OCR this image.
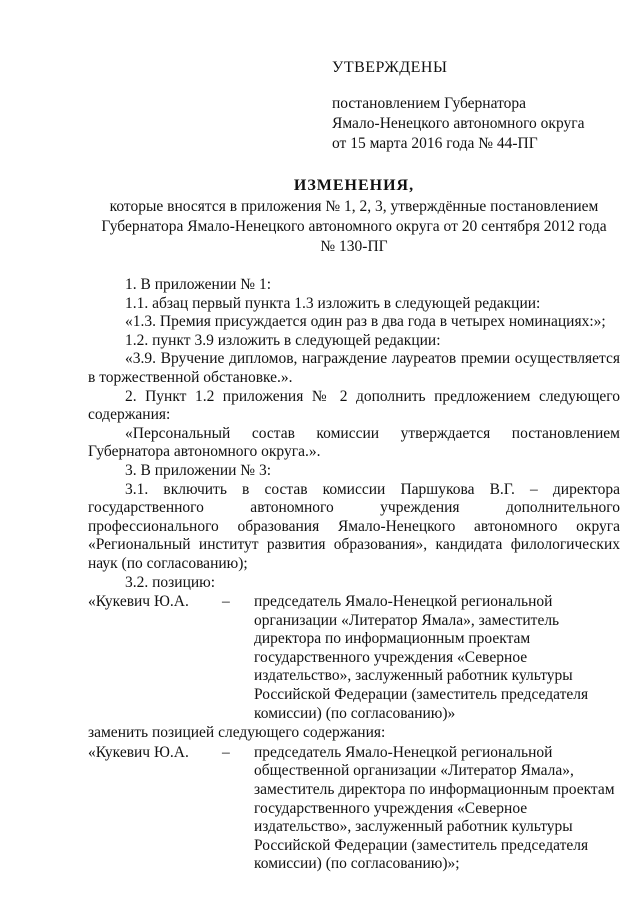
УТВЕРЖДЕНЫ
постановлением Губернатора
Ямало-Ненецкого автономного округа
от 15 марта 2016 года № 44-ПГ
ИЗМЕНЕНИЯ,
которые вносятся в приложения № 1, 2, 3, утверждённые постановлением
Губернатора Ямало-Ненецкого автономного округа от 20 сентября 2012 года
№ 130-ПГ

1. В приложении № 1:

1.1. абзац первый пункта 1.3 изложить в следующей редакции:

«1.3. Премия присуждается один раз в два года в четырех номинациях:»;

1.2. пункт 3.9 изложить в следующей редакции:

«3.9. Вручение дипломов, награждение лауреатов премии осуществляется в торжественной обстановке.».

2. Пункт 1.2 приложения № 2 дополнить предложением следующего содержания:

«Персональный состав комиссии утверждается постановлением Губернатора автономного округа.».

3. В приложении № 3:

3.1. включить в состав комиссии Паршукова В.Г. – директора государственного автономного учреждения дополнительного профессионального образования Ямало-Ненецкого автономного округа «Региональный институт развития образования», кандидата филологических наук (по согласованию);

3.2. позицию:

«Кукевич Ю.А.	–	председатель Ямало-Ненецкой региональной
организации «Литератор Ямала», заместитель
директора по информационным проектам
государственного учреждения «Северное
издательство», заслуженный работник культуры
Российской Федерации (заместитель председателя
комиссии) (по согласованию)»

заменить позицией следующего содержания:

«Кукевич Ю.А.	–	председатель Ямало-Ненецкой региональной
общественной организации «Литератор Ямала»,
заместитель директора по информационным проектам
государственного учреждения «Северное
издательство», заслуженный работник культуры
Российской Федерации (заместитель председателя
комиссии) (по согласованию)»;
